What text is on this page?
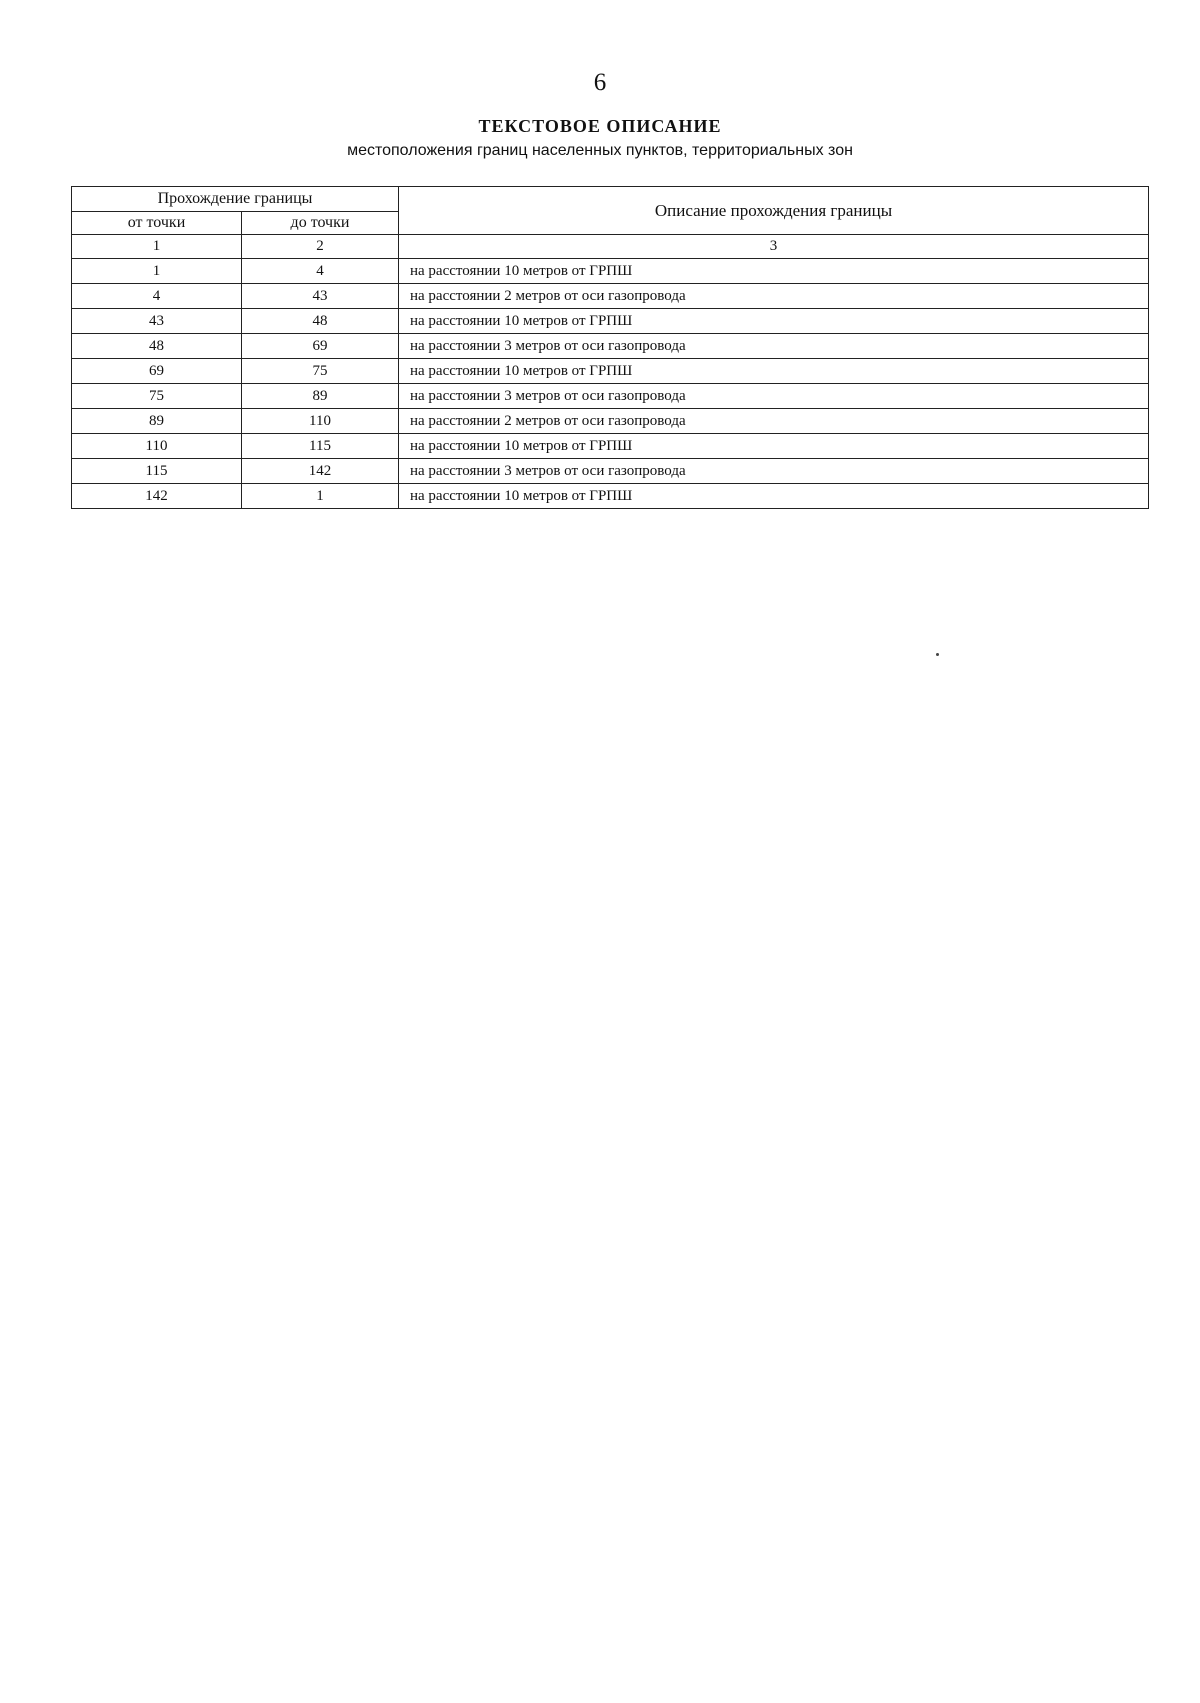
6
ТЕКСТОВОЕ ОПИСАНИЕ
местоположения границ населенных пунктов, территориальных зон
Прохождение границы		Описание прохождения границы
от точки	до точки	
1	2	3
1	4	на расстоянии 10 метров от ГРПШ
4	43	на расстоянии 2 метров от оси газопровода
43	48	на расстоянии 10 метров от ГРПШ
48	69	на расстоянии 3 метров от оси газопровода
69	75	на расстоянии 10 метров от ГРПШ
75	89	на расстоянии 3 метров от оси газопровода
89	110	на расстоянии 2 метров от оси газопровода
110	115	на расстоянии 10 метров от ГРПШ
115	142	на расстоянии 3 метров от оси газопровода
142	1	на расстоянии 10 метров от ГРПШ
